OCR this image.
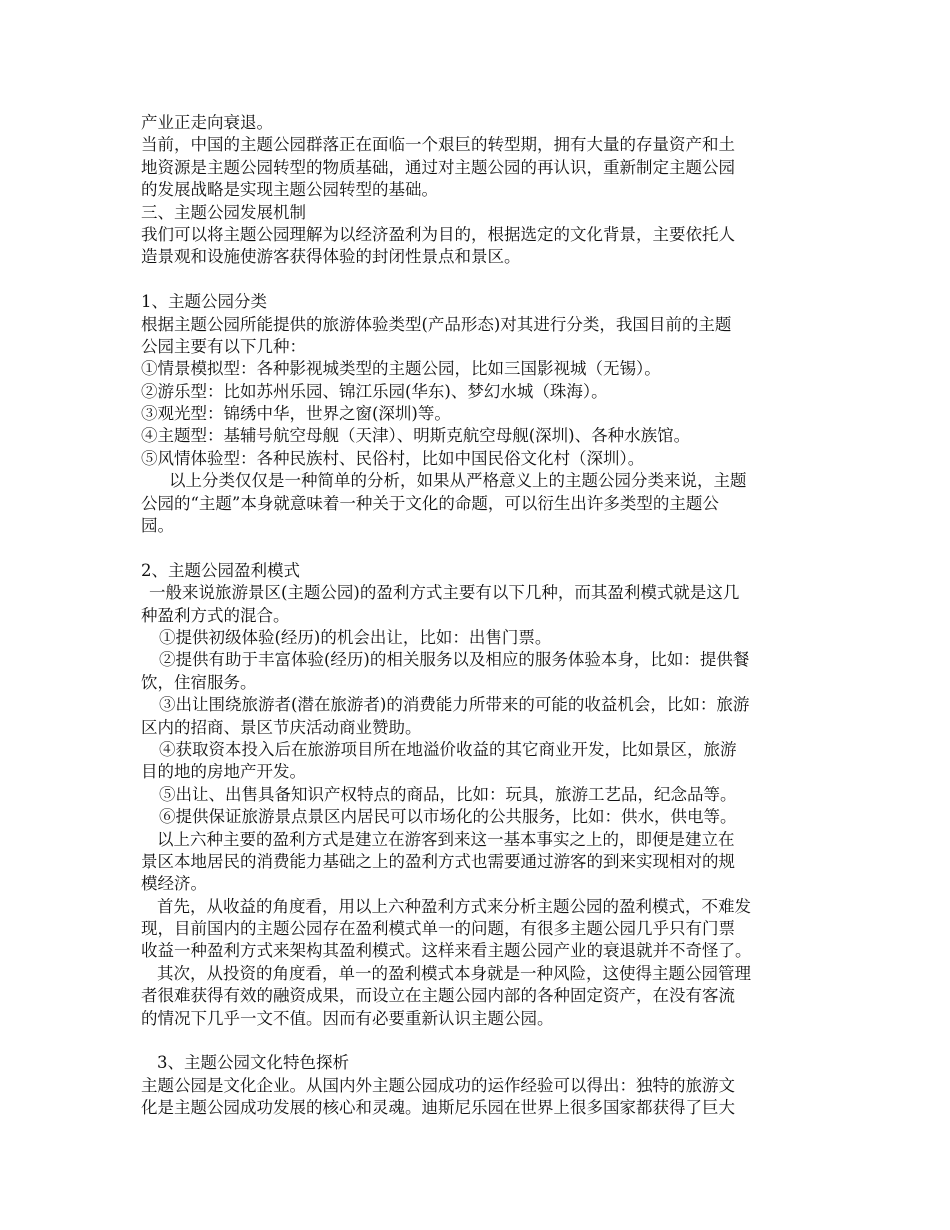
产业正走向衰退。
当前，中国的主题公园群落正在面临一个艰巨的转型期，拥有大量的存量资产和土
地资源是主题公园转型的物质基础，通过对主题公园的再认识，重新制定主题公园
的发展战略是实现主题公园转型的基础。
三、主题公园发展机制
我们可以将主题公园理解为以经济盈利为目的，根据选定的文化背景，主要依托人
造景观和设施使游客获得体验的封闭性景点和景区。
1、主题公园分类
根据主题公园所能提供的旅游体验类型(产品形态)对其进行分类，我国目前的主题
公园主要有以下几种：
①情景模拟型：各种影视城类型的主题公园，比如三国影视城（无锡）。
②游乐型：比如苏州乐园、锦江乐园(华东)、梦幻水城（珠海）。
③观光型：锦绣中华，世界之窗(深圳)等。
④主题型：基辅号航空母舰（天津）、明斯克航空母舰(深圳)、各种水族馆。
⑤风情体验型：各种民族村、民俗村，比如中国民俗文化村（深圳）。
以上分类仅仅是一种简单的分析，如果从严格意义上的主题公园分类来说，主题
公园的“主题”本身就意味着一种关于文化的命题，可以衍生出许多类型的主题公
园。
2、主题公园盈利模式
一般来说旅游景区(主题公园)的盈利方式主要有以下几种，而其盈利模式就是这几
种盈利方式的混合。
①提供初级体验(经历)的机会出让，比如：出售门票。
②提供有助于丰富体验(经历)的相关服务以及相应的服务体验本身，比如：提供餐
饮，住宿服务。
③出让围绕旅游者(潜在旅游者)的消费能力所带来的可能的收益机会，比如：旅游
区内的招商、景区节庆活动商业赞助。
④获取资本投入后在旅游项目所在地溢价收益的其它商业开发，比如景区，旅游
目的地的房地产开发。
⑤出让、出售具备知识产权特点的商品，比如：玩具，旅游工艺品，纪念品等。
⑥提供保证旅游景点景区内居民可以市场化的公共服务，比如：供水，供电等。
以上六种主要的盈利方式是建立在游客到来这一基本事实之上的，即便是建立在
景区本地居民的消费能力基础之上的盈利方式也需要通过游客的到来实现相对的规
模经济。
首先，从收益的角度看，用以上六种盈利方式来分析主题公园的盈利模式，不难发
现，目前国内的主题公园存在盈利模式单一的问题，有很多主题公园几乎只有门票
收益一种盈利方式来架构其盈利模式。这样来看主题公园产业的衰退就并不奇怪了。
其次，从投资的角度看，单一的盈利模式本身就是一种风险，这使得主题公园管理
者很难获得有效的融资成果，而设立在主题公园内部的各种固定资产，在没有客流
的情况下几乎一文不值。因而有必要重新认识主题公园。
3、主题公园文化特色探析
主题公园是文化企业。从国内外主题公园成功的运作经验可以得出：独特的旅游文
化是主题公园成功发展的核心和灵魂。迪斯尼乐园在世界上很多国家都获得了巨大
